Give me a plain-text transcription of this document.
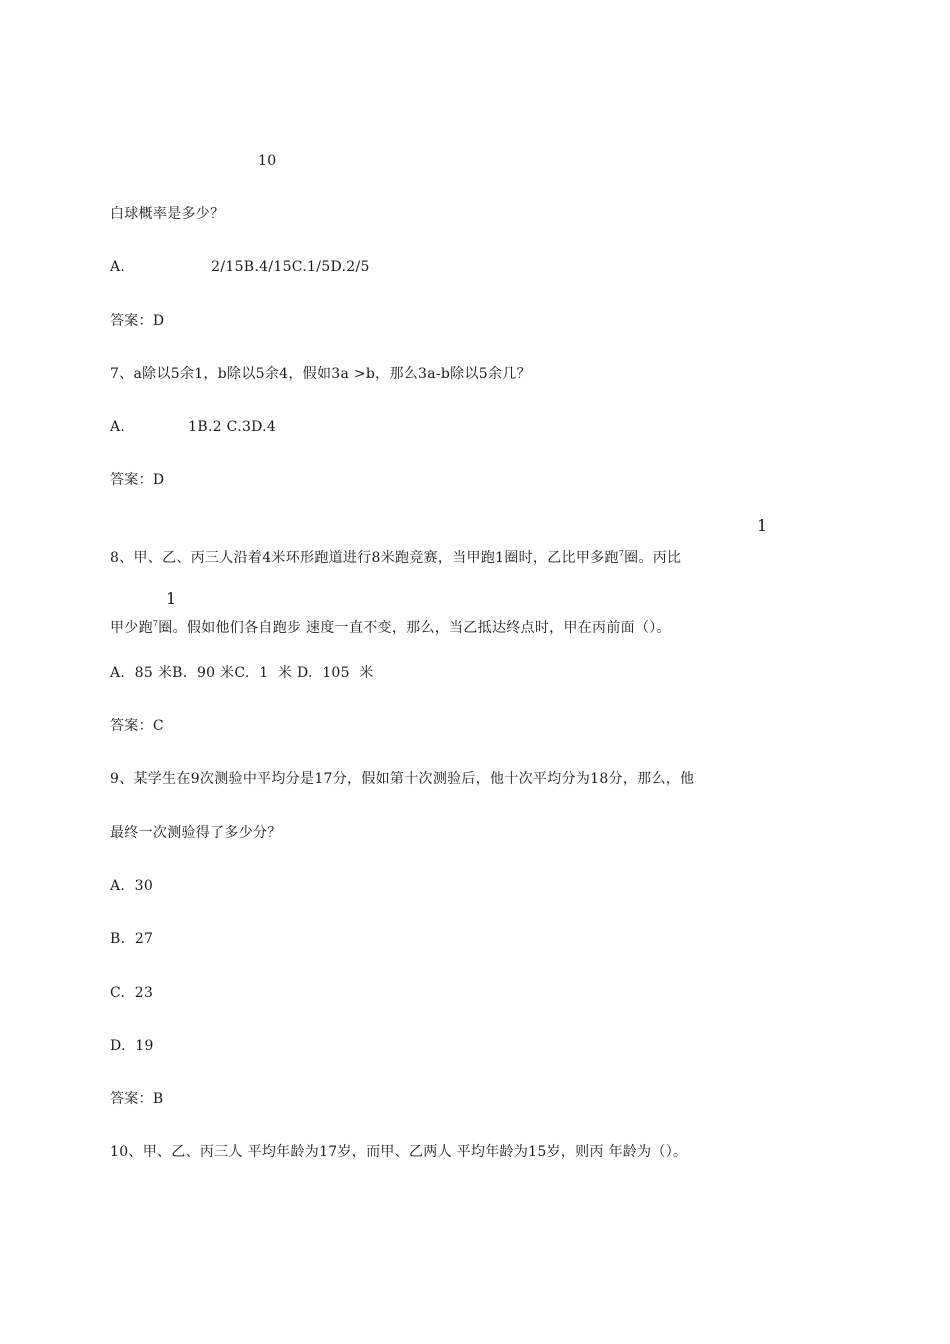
10
白球概率是多少？
A.	2/15B.4/15C.1/5D.2/5
答案：D
7、a除以5余1，b除以5余4，假如3a >b，那么3a-b除以5余几？
A.	1B.2 C.3D.4
答案：D
1
8、甲、乙、丙三人沿着4米环形跑道进行8米跑竞赛，当甲跑1圈时，乙比甲多跑$^7$圈。丙比
1
甲少跑$^7$圈。假如他们各自跑步 速度一直不变，那么，当乙抵达终点时，甲在丙前面（）。
A.  85 米B.  90 米C.  1  米 D.  105  米
答案：C
9、某学生在9次测验中平均分是17分，假如第十次测验后，他十次平均分为18分，那么，他
最终一次测验得了多少分？
A.  30
B.  27
C.  23
D.  19
答案：B
10、甲、乙、丙三人 平均年龄为17岁，而甲、乙两人 平均年龄为15岁，则丙 年龄为（）。
